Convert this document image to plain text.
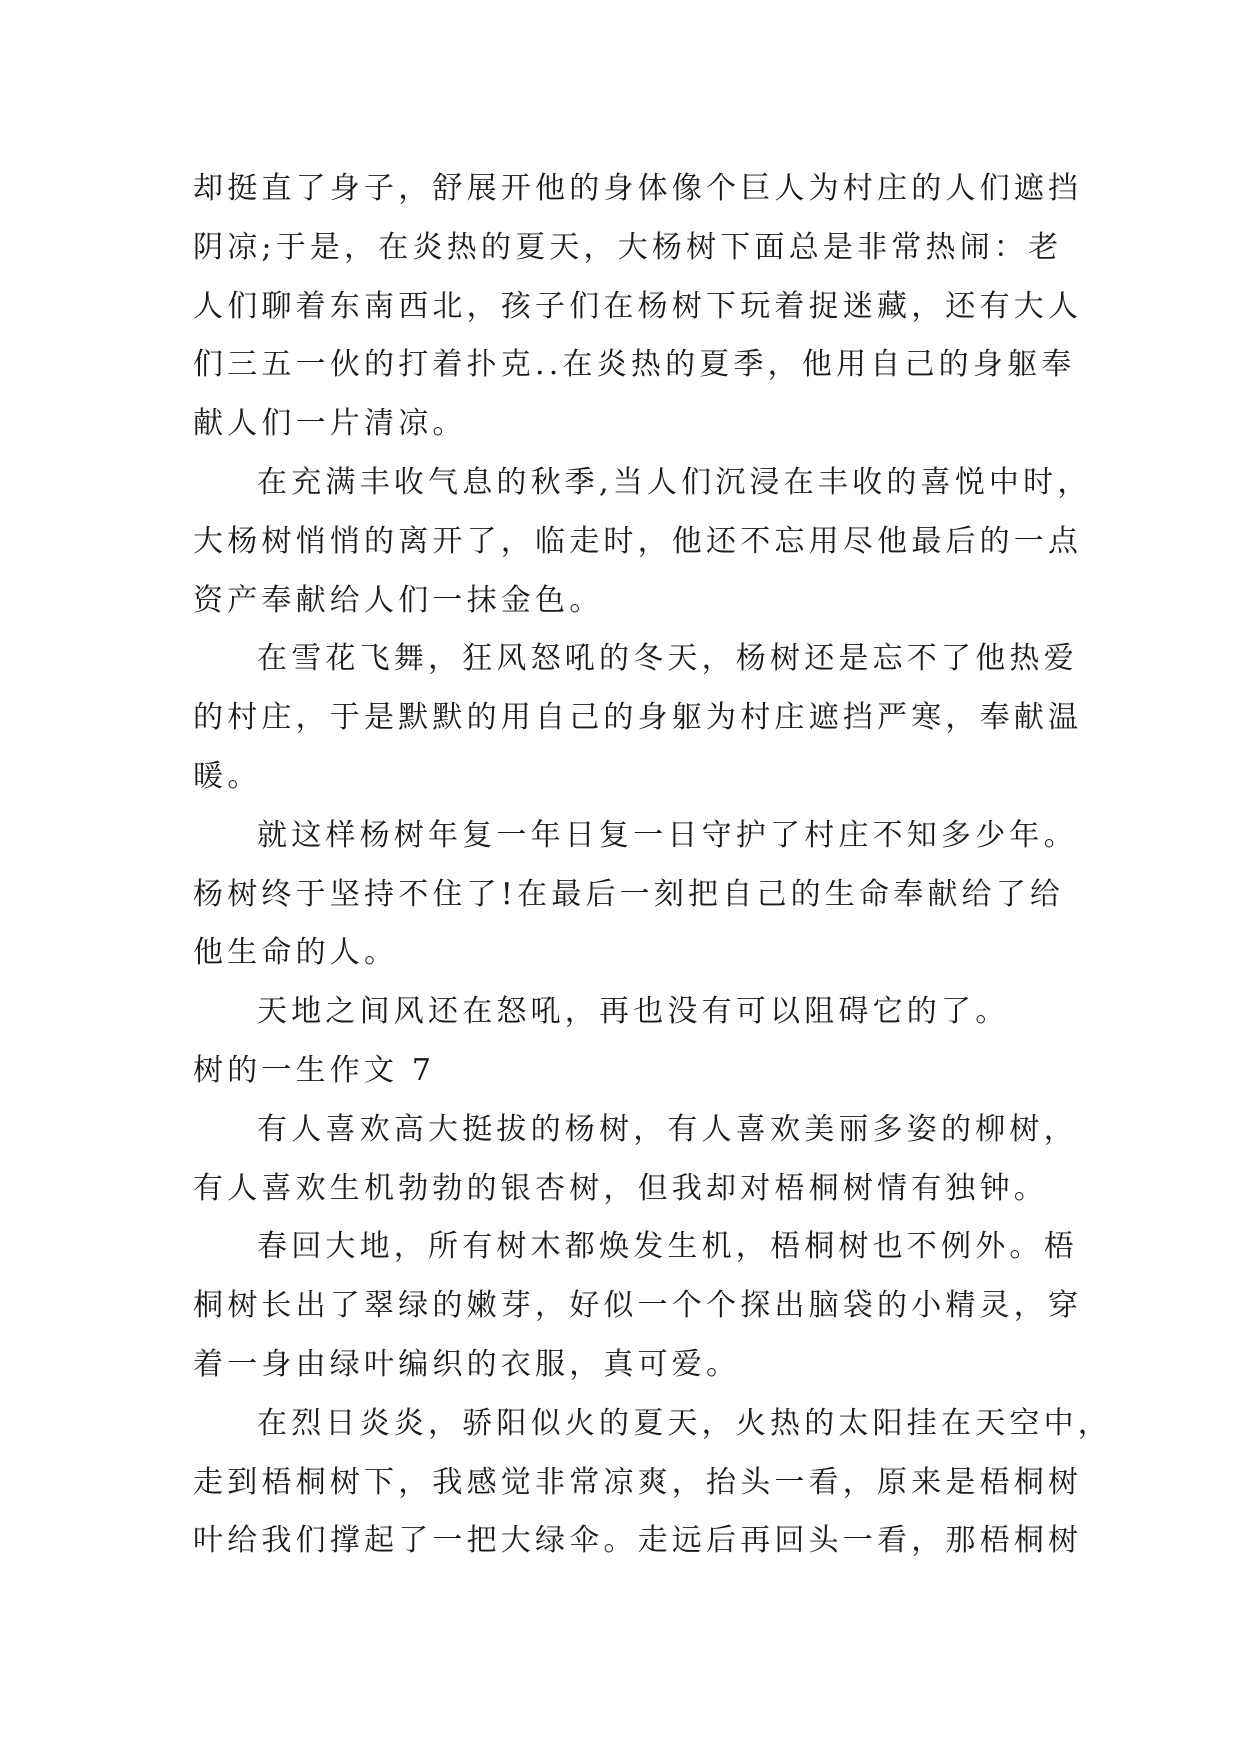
却挺直了身子，舒展开他的身体像个巨人为村庄的人们遮挡
阴凉;于是，在炎热的夏天，大杨树下面总是非常热闹：老
人们聊着东南西北，孩子们在杨树下玩着捉迷藏，还有大人
们三五一伙的打着扑克..在炎热的夏季，他用自己的身躯奉
献人们一片清凉。
在充满丰收气息的秋季,当人们沉浸在丰收的喜悦中时，
大杨树悄悄的离开了，临走时，他还不忘用尽他最后的一点
资产奉献给人们一抹金色。
在雪花飞舞，狂风怒吼的冬天，杨树还是忘不了他热爱
的村庄，于是默默的用自己的身躯为村庄遮挡严寒，奉献温
暖。
就这样杨树年复一年日复一日守护了村庄不知多少年。
杨树终于坚持不住了!在最后一刻把自己的生命奉献给了给
他生命的人。
天地之间风还在怒吼，再也没有可以阻碍它的了。
树的一生作文 7
有人喜欢高大挺拔的杨树，有人喜欢美丽多姿的柳树，
有人喜欢生机勃勃的银杏树，但我却对梧桐树情有独钟。
春回大地，所有树木都焕发生机，梧桐树也不例外。梧
桐树长出了翠绿的嫩芽，好似一个个探出脑袋的小精灵，穿
着一身由绿叶编织的衣服，真可爱。
在烈日炎炎，骄阳似火的夏天，火热的太阳挂在天空中，
走到梧桐树下，我感觉非常凉爽，抬头一看，原来是梧桐树
叶给我们撑起了一把大绿伞。走远后再回头一看，那梧桐树
